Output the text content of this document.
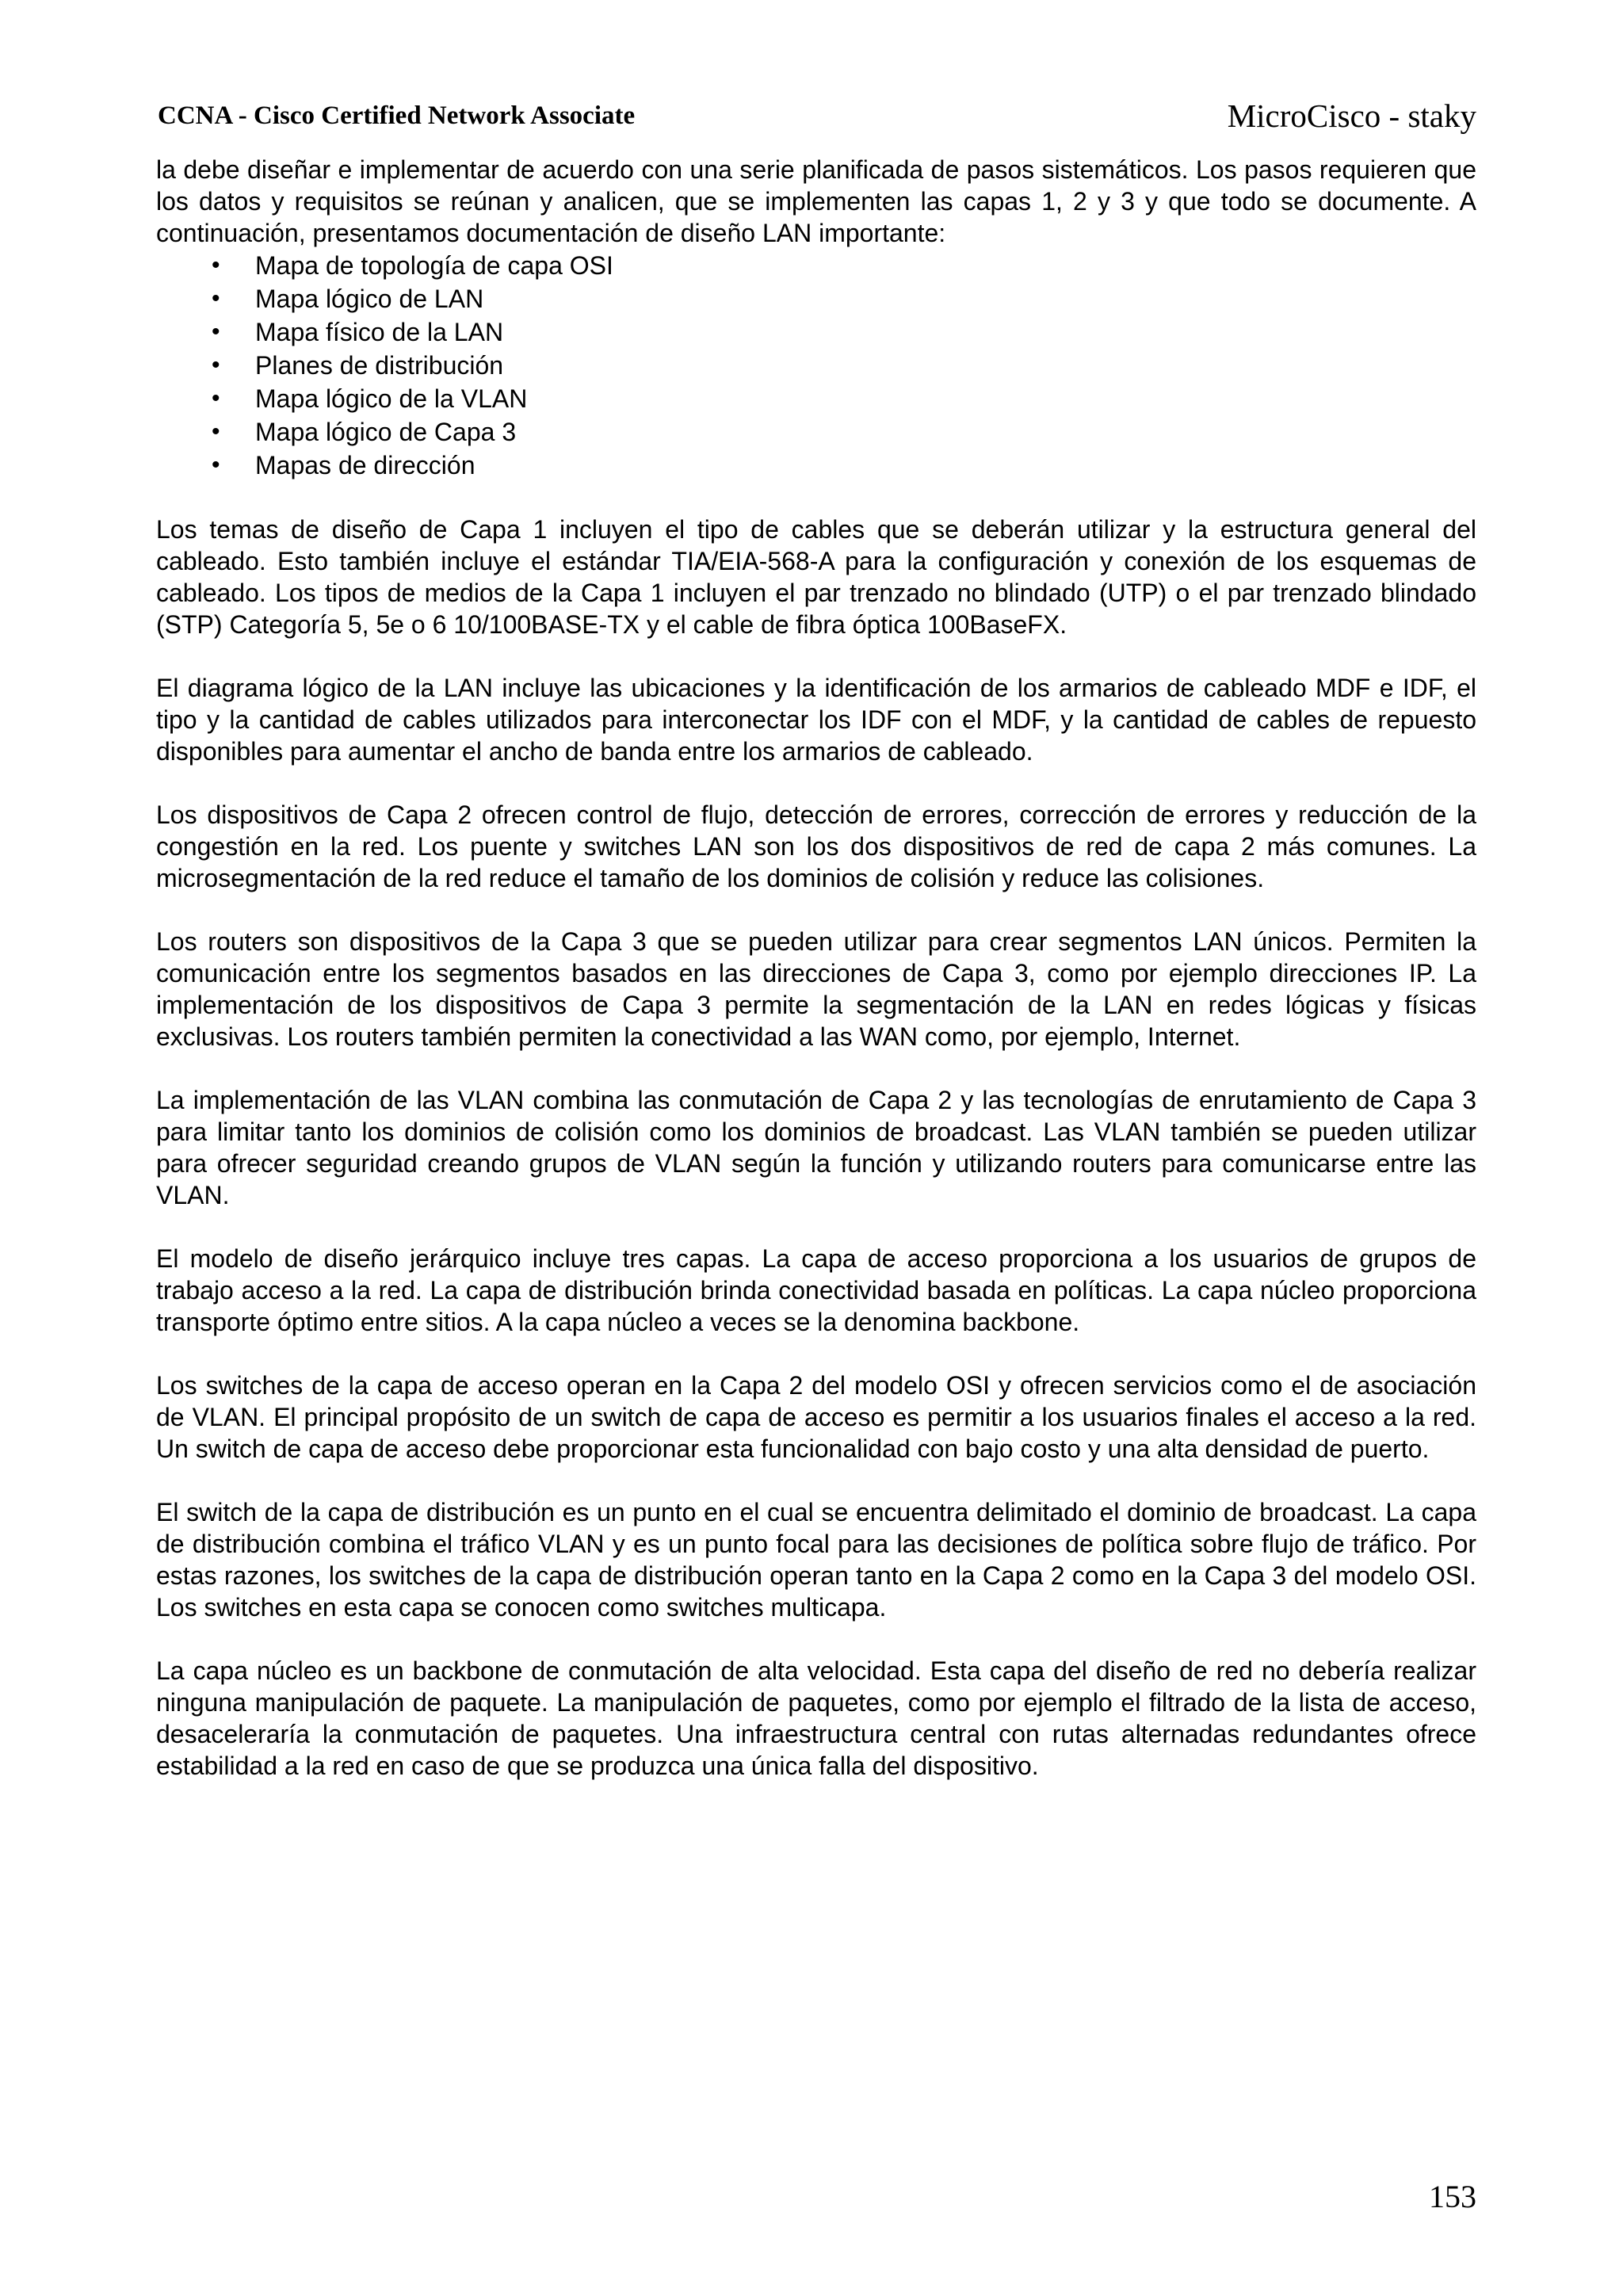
CCNA - Cisco Certified Network Associate	MicroCisco - staky

la debe diseñar e implementar de acuerdo con una serie planificada de pasos sistemáticos. Los pasos requieren que los datos y requisitos se reúnan y analicen, que se implementen las capas 1, 2 y 3 y que todo se documente. A continuación, presentamos documentación de diseño LAN importante:

• Mapa de topología de capa OSI
• Mapa lógico de LAN
• Mapa físico de la LAN
• Planes de distribución
• Mapa lógico de la VLAN
• Mapa lógico de Capa 3
• Mapas de dirección

Los temas de diseño de Capa 1 incluyen el tipo de cables que se deberán utilizar y la estructura general del cableado. Esto también incluye el estándar TIA/EIA-568-A para la configuración y conexión de los esquemas de cableado. Los tipos de medios de la Capa 1 incluyen el par trenzado no blindado (UTP) o el par trenzado blindado (STP) Categoría 5, 5e o 6 10/100BASE-TX y el cable de fibra óptica 100BaseFX.

El diagrama lógico de la LAN incluye las ubicaciones y la identificación de los armarios de cableado MDF e IDF, el tipo y la cantidad de cables utilizados para interconectar los IDF con el MDF, y la cantidad de cables de repuesto disponibles para aumentar el ancho de banda entre los armarios de cableado.

Los dispositivos de Capa 2 ofrecen control de flujo, detección de errores, corrección de errores y reducción de la congestión en la red. Los puente y switches LAN son los dos dispositivos de red de capa 2 más comunes. La microsegmentación de la red reduce el tamaño de los dominios de colisión y reduce las colisiones.

Los routers son dispositivos de la Capa 3 que se pueden utilizar para crear segmentos LAN únicos. Permiten la comunicación entre los segmentos basados en las direcciones de Capa 3, como por ejemplo direcciones IP. La implementación de los dispositivos de Capa 3 permite la segmentación de la LAN en redes lógicas y físicas exclusivas. Los routers también permiten la conectividad a las WAN como, por ejemplo, Internet.

La implementación de las VLAN combina las conmutación de Capa 2 y las tecnologías de enrutamiento de Capa 3 para limitar tanto los dominios de colisión como los dominios de broadcast. Las VLAN también se pueden utilizar para ofrecer seguridad creando grupos de VLAN según la función y utilizando routers para comunicarse entre las VLAN.

El modelo de diseño jerárquico incluye tres capas. La capa de acceso proporciona a los usuarios de grupos de trabajo acceso a la red. La capa de distribución brinda conectividad basada en políticas. La capa núcleo proporciona transporte óptimo entre sitios. A la capa núcleo a veces se la denomina backbone.

Los switches de la capa de acceso operan en la Capa 2 del modelo OSI y ofrecen servicios como el de asociación de VLAN. El principal propósito de un switch de capa de acceso es permitir a los usuarios finales el acceso a la red. Un switch de capa de acceso debe proporcionar esta funcionalidad con bajo costo y una alta densidad de puerto.

El switch de la capa de distribución es un punto en el cual se encuentra delimitado el dominio de broadcast. La capa de distribución combina el tráfico VLAN y es un punto focal para las decisiones de política sobre flujo de tráfico. Por estas razones, los switches de la capa de distribución operan tanto en la Capa 2 como en la Capa 3 del modelo OSI. Los switches en esta capa se conocen como switches multicapa.

La capa núcleo es un backbone de conmutación de alta velocidad. Esta capa del diseño de red no debería realizar ninguna manipulación de paquete. La manipulación de paquetes, como por ejemplo el filtrado de la lista de acceso, desaceleraría la conmutación de paquetes. Una infraestructura central con rutas alternadas redundantes ofrece estabilidad a la red en caso de que se produzca una única falla del dispositivo.

153
